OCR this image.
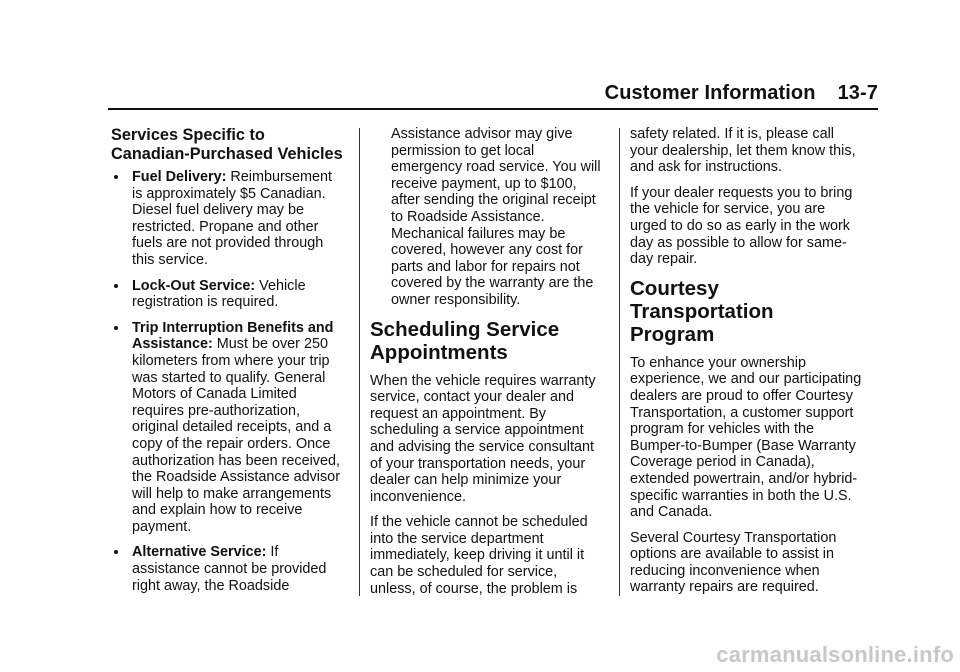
Customer Information 13-7
Services Specific to Canadian-Purchased Vehicles
Fuel Delivery: Reimbursement is approximately $5 Canadian. Diesel fuel delivery may be restricted. Propane and other fuels are not provided through this service.
Lock-Out Service: Vehicle registration is required.
Trip Interruption Benefits and Assistance: Must be over 250 kilometers from where your trip was started to qualify. General Motors of Canada Limited requires pre-authorization, original detailed receipts, and a copy of the repair orders. Once authorization has been received, the Roadside Assistance advisor will help to make arrangements and explain how to receive payment.
Alternative Service: If assistance cannot be provided right away, the Roadside

Assistance advisor may give permission to get local emergency road service. You will receive payment, up to $100, after sending the original receipt to Roadside Assistance. Mechanical failures may be covered, however any cost for parts and labor for repairs not covered by the warranty are the owner responsibility.

Scheduling Service Appointments

When the vehicle requires warranty service, contact your dealer and request an appointment. By scheduling a service appointment and advising the service consultant of your transportation needs, your dealer can help minimize your inconvenience.

If the vehicle cannot be scheduled into the service department immediately, keep driving it until it can be scheduled for service, unless, of course, the problem is

safety related. If it is, please call your dealership, let them know this, and ask for instructions.

If your dealer requests you to bring the vehicle for service, you are urged to do so as early in the work day as possible to allow for same-day repair.

Courtesy Transportation Program

To enhance your ownership experience, we and our participating dealers are proud to offer Courtesy Transportation, a customer support program for vehicles with the Bumper-to-Bumper (Base Warranty Coverage period in Canada), extended powertrain, and/or hybrid-specific warranties in both the U.S. and Canada.

Several Courtesy Transportation options are available to assist in reducing inconvenience when warranty repairs are required.

carmanualsonline.info
